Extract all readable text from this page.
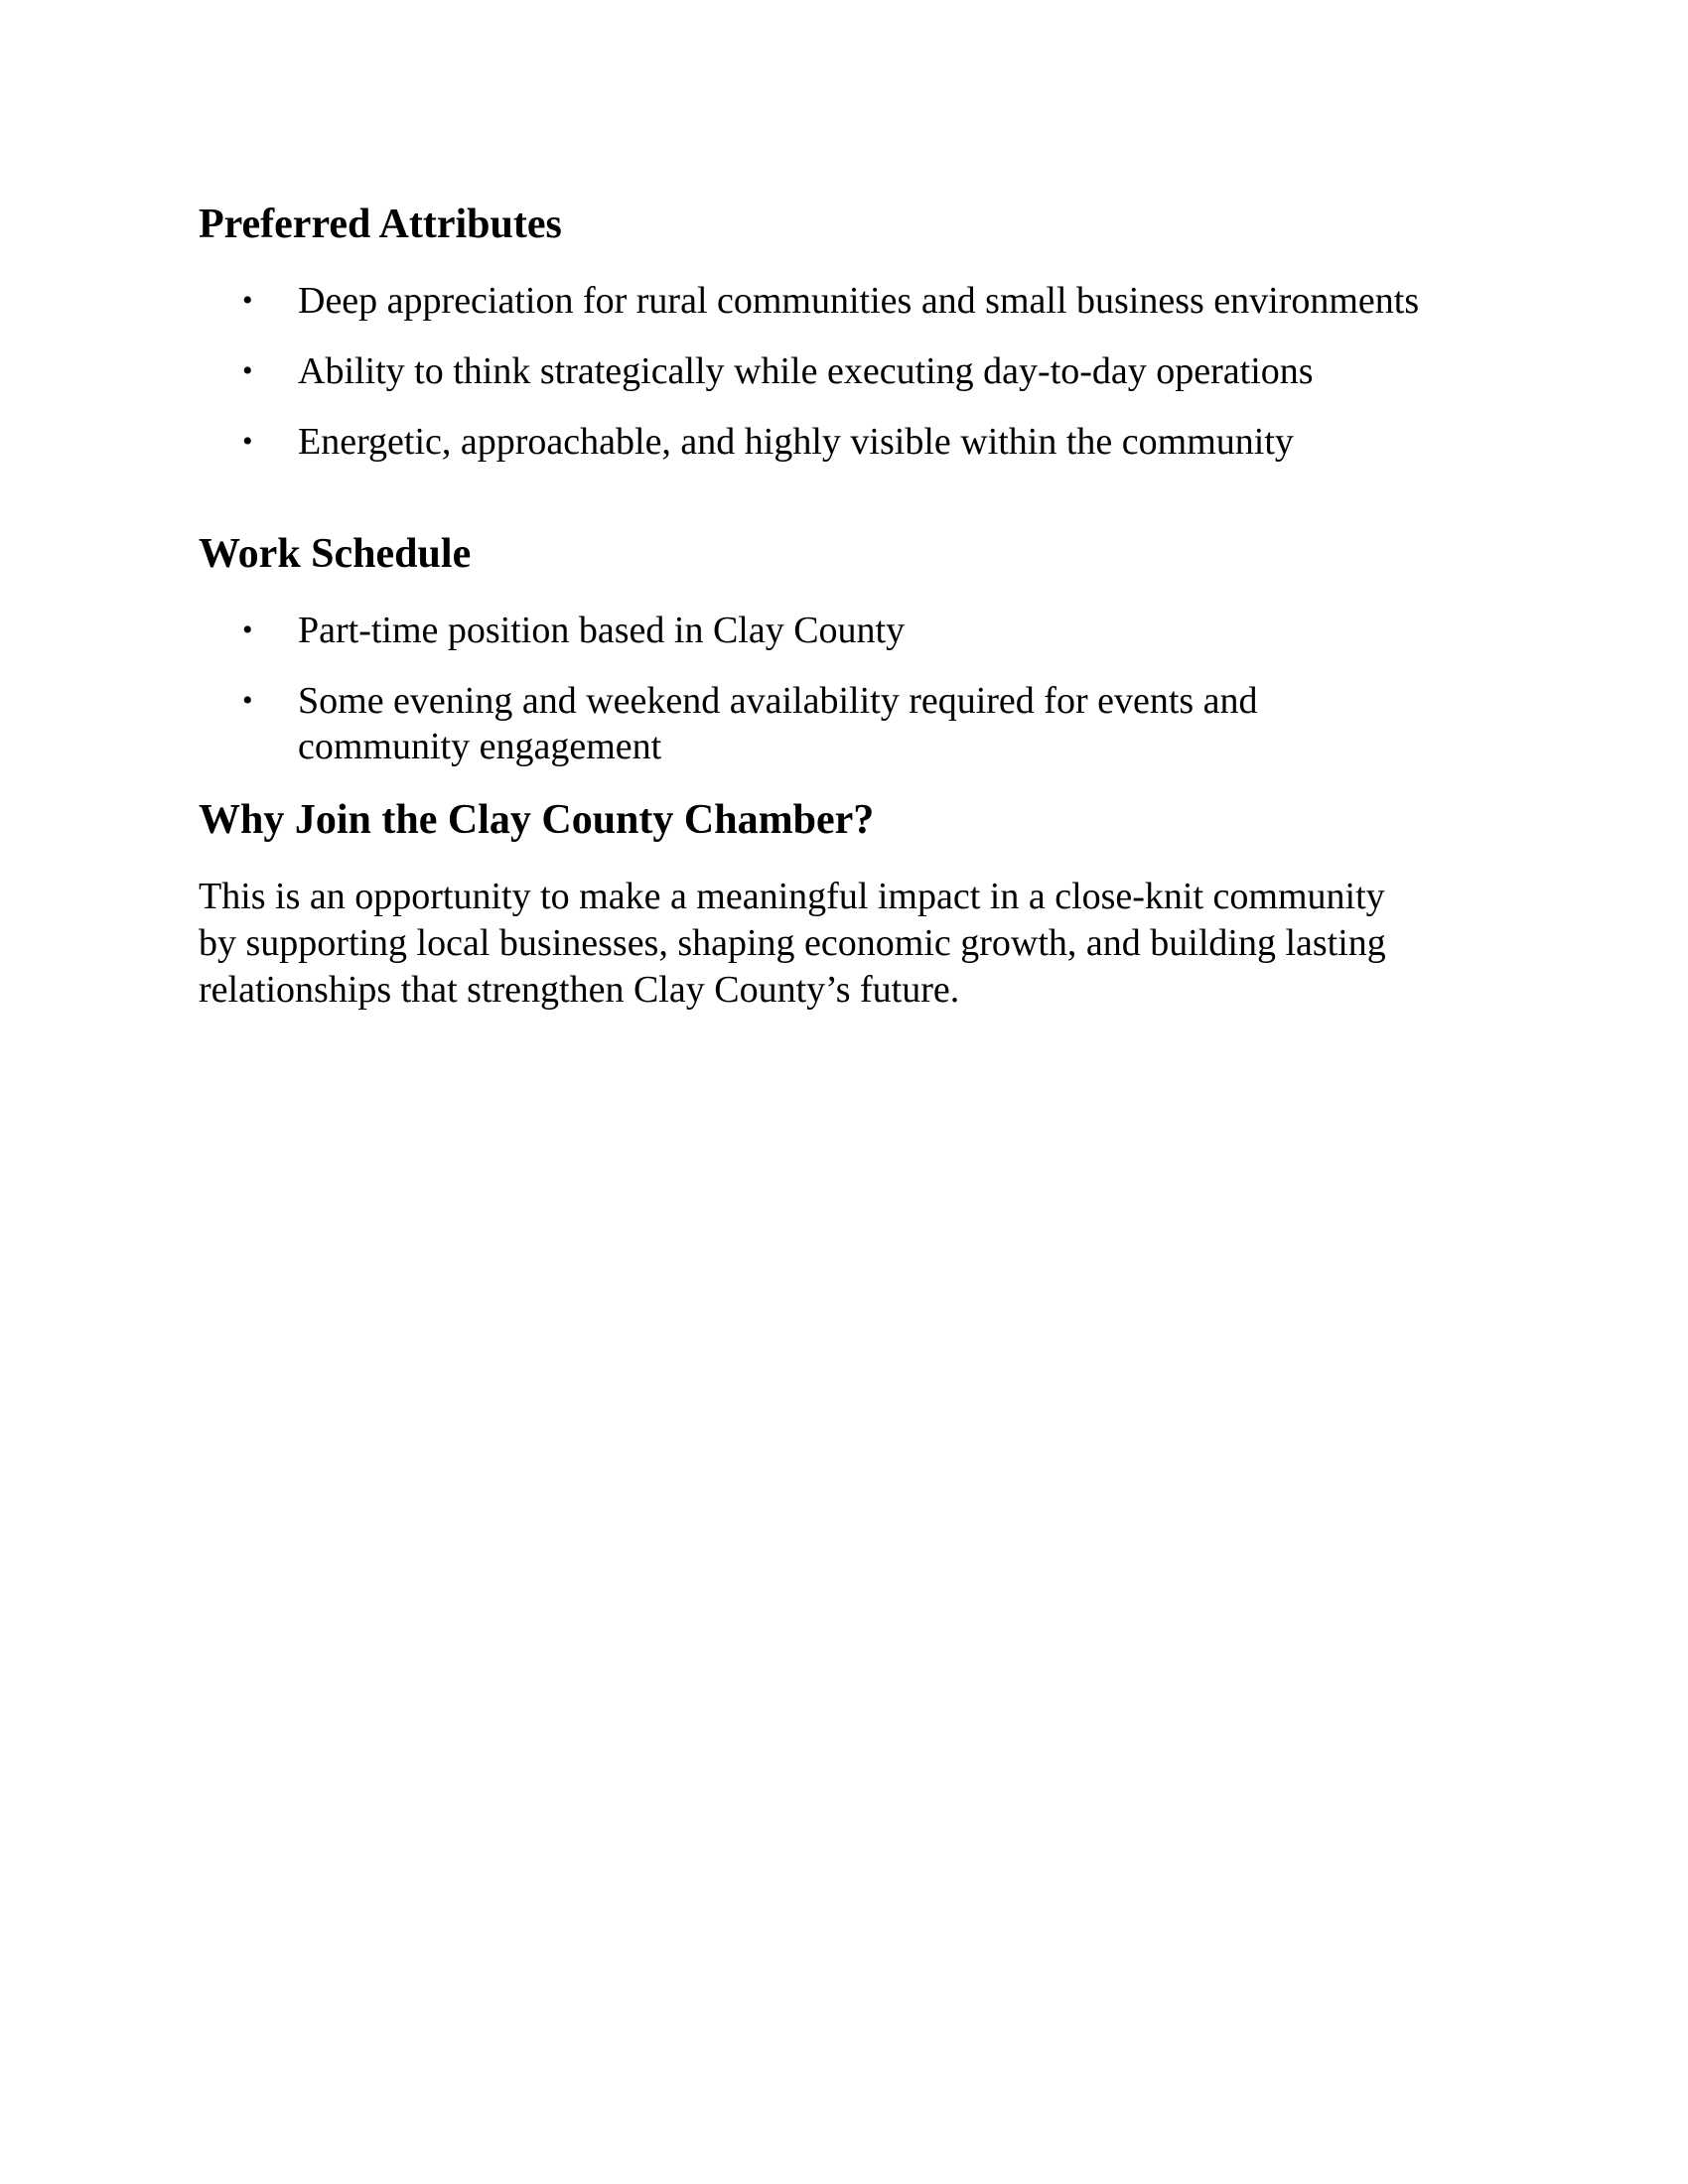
Preferred Attributes
• Deep appreciation for rural communities and small business environments
• Ability to think strategically while executing day-to-day operations
• Energetic, approachable, and highly visible within the community
Work Schedule
• Part-time position based in Clay County
• Some evening and weekend availability required for events and
community engagement
Why Join the Clay County Chamber?

This is an opportunity to make a meaningful impact in a close-knit community
by supporting local businesses, shaping economic growth, and building lasting
relationships that strengthen Clay County’s future.
